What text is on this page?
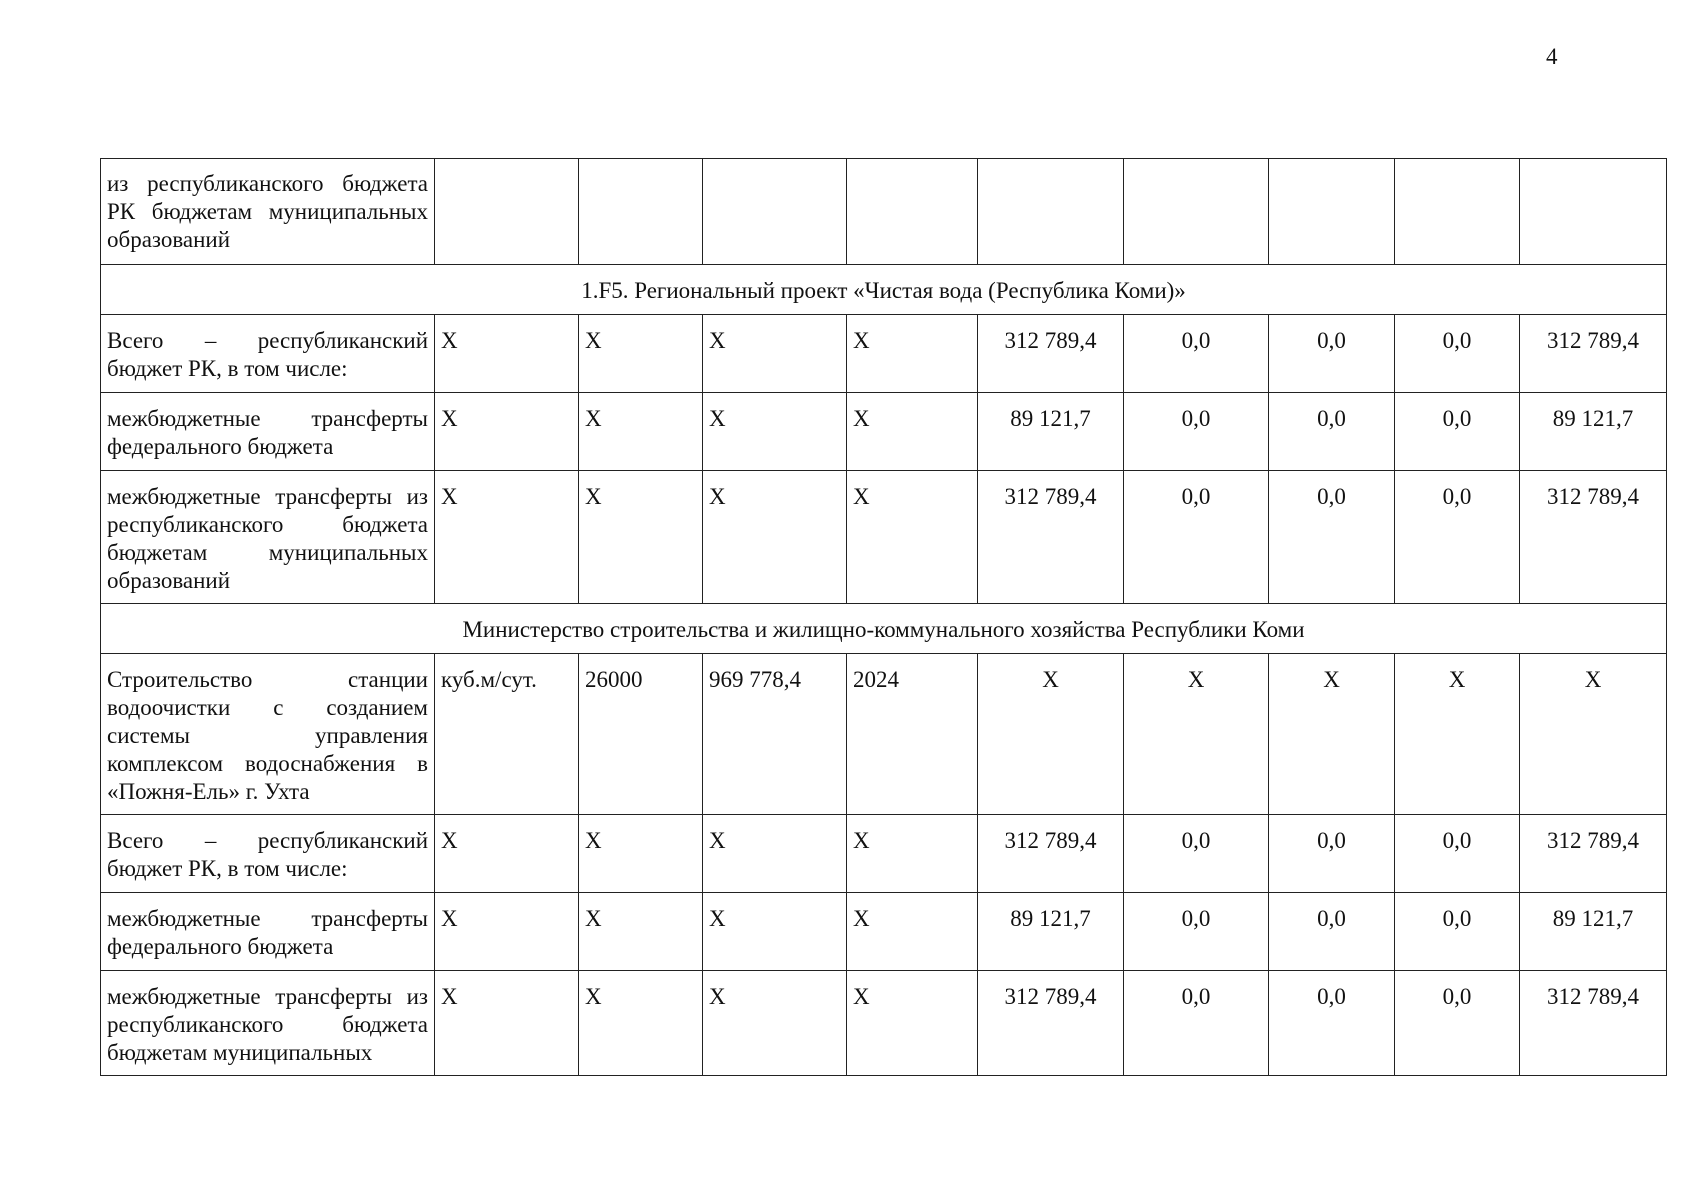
4
из республиканского бюджета РК бюджетам муниципальных образований									
1.F5. Региональный проект «Чистая вода (Республика Коми)»									
Всего – республиканский бюджет РК, в том числе:	X	X	X	X	312 789,4	0,0	0,0	0,0	312 789,4
межбюджетные трансферты федерального бюджета	X	X	X	X	89 121,7	0,0	0,0	0,0	89 121,7
межбюджетные трансферты из республиканского бюджета бюджетам муниципальных образований	X	X	X	X	312 789,4	0,0	0,0	0,0	312 789,4
Министерство строительства и жилищно-коммунального хозяйства Республики Коми									
Строительство станции водоочистки с созданием системы управления комплексом водоснабжения в «Пожня-Ель» г. Ухта	куб.м/сут.	26000	969 778,4	2024	X	X	X	X	X
Всего – республиканский бюджет РК, в том числе:	X	X	X	X	312 789,4	0,0	0,0	0,0	312 789,4
межбюджетные трансферты федерального бюджета	X	X	X	X	89 121,7	0,0	0,0	0,0	89 121,7
межбюджетные трансферты из республиканского бюджета бюджетам муниципальных	X	X	X	X	312 789,4	0,0	0,0	0,0	312 789,4
